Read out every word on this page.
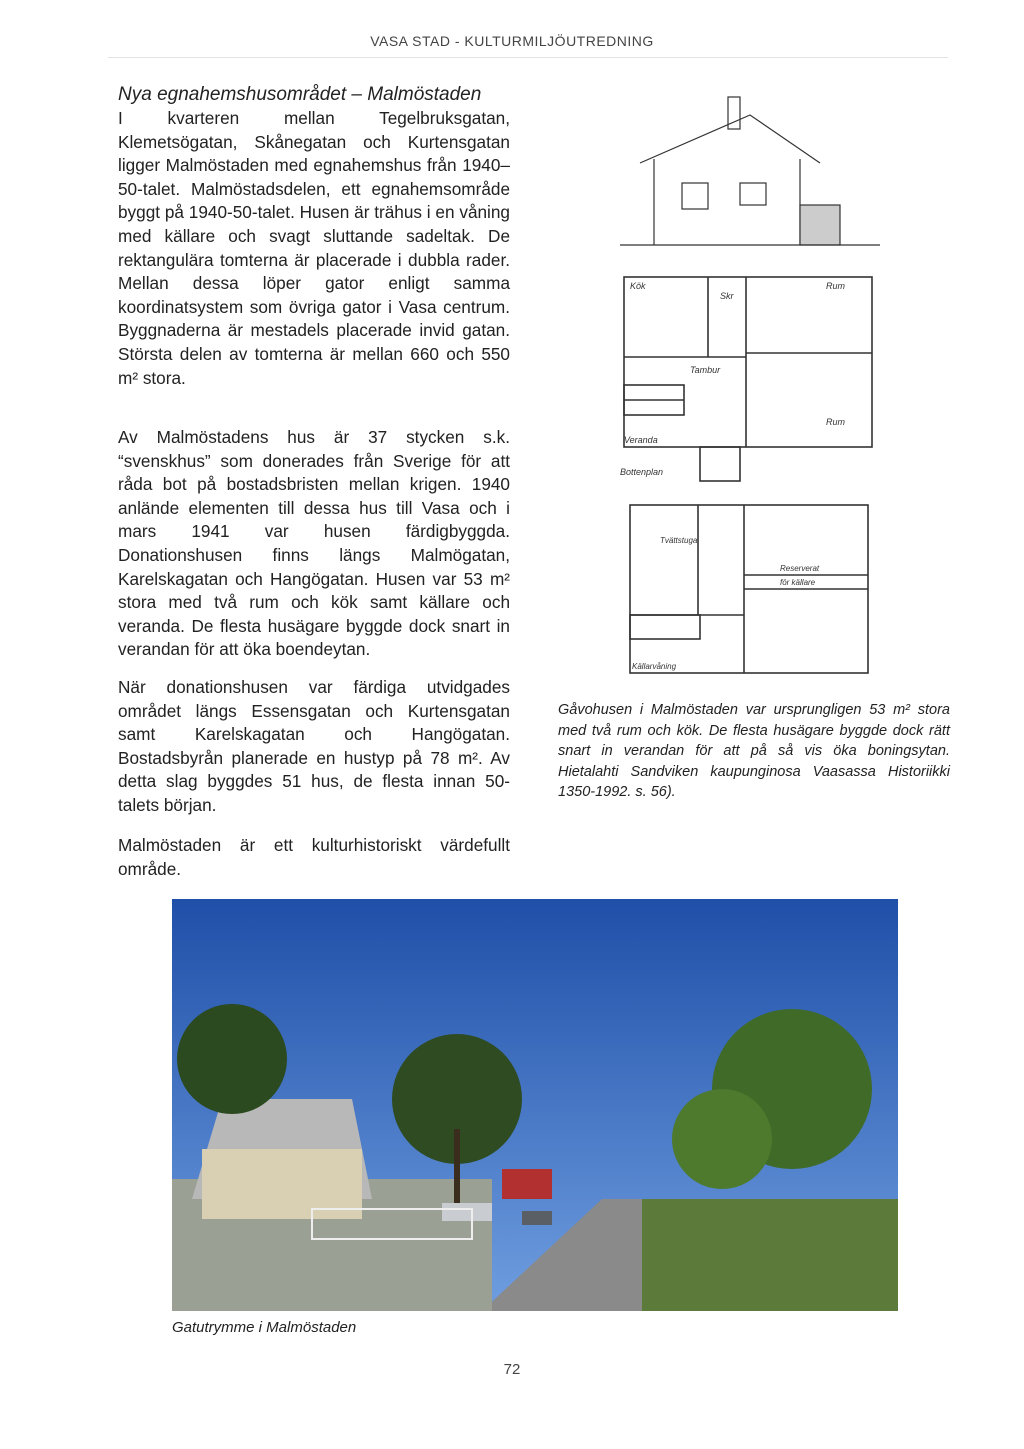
VASA STAD - KULTURMILJÖUTREDNING
Nya egnahemshusområdet – Malmöstaden

I kvarteren mellan Tegelbruksgatan, Klemetsögatan, Skånegatan och Kurtensgatan ligger Malmöstaden med egnahemshus från 1940–50-talet. Malmöstadsdelen, ett egnahemsområde byggt på 1940-50-talet. Husen är trähus i en våning med källare och svagt sluttande sadeltak. De rektangulära tomterna är placerade i dubbla rader. Mellan dessa löper gator enligt samma koordinatsystem som övriga gator i Vasa centrum. Byggnaderna är mestadels placerade invid gatan. Största delen av tomterna är mellan 660 och 550 m² stora.

Av Malmöstadens hus är 37 stycken s.k. “svenskhus” som donerades från Sverige för att råda bot på bostadsbristen mellan krigen. 1940 anlände elementen till dessa hus till Vasa och i mars 1941 var husen färdigbyggda. Donationshusen finns längs Malmögatan, Karelskagatan och Hangögatan. Husen var 53 m² stora med två rum och kök samt källare och veranda. De flesta husägare byggde dock snart in verandan för att öka boendeytan.

När donationshusen var färdiga utvidgades området längs Essensgatan och Kurtensgatan samt Karelskagatan och Hangögatan. Bostadsbyrån planerade en hustyp på 78 m². Av detta slag byggdes 51 hus, de flesta innan 50-talets början.

Malmöstaden är ett kulturhistoriskt värdefullt område.

Kök
Skr
Rum
Rum
Tambur
Veranda
Bottenplan
Tvättstuga
Reserverat
för källare
Källarvåning
Gåvohusen i Malmöstaden var ursprungligen 53 m² stora med två rum och kök. De flesta husägare byggde dock rätt snart in verandan för att på så vis öka boningsytan. Hietalahti Sandviken kaupunginosa Vaasassa Historiikki 1350-1992. s. 56).
Gatutrymme i Malmöstaden
72
